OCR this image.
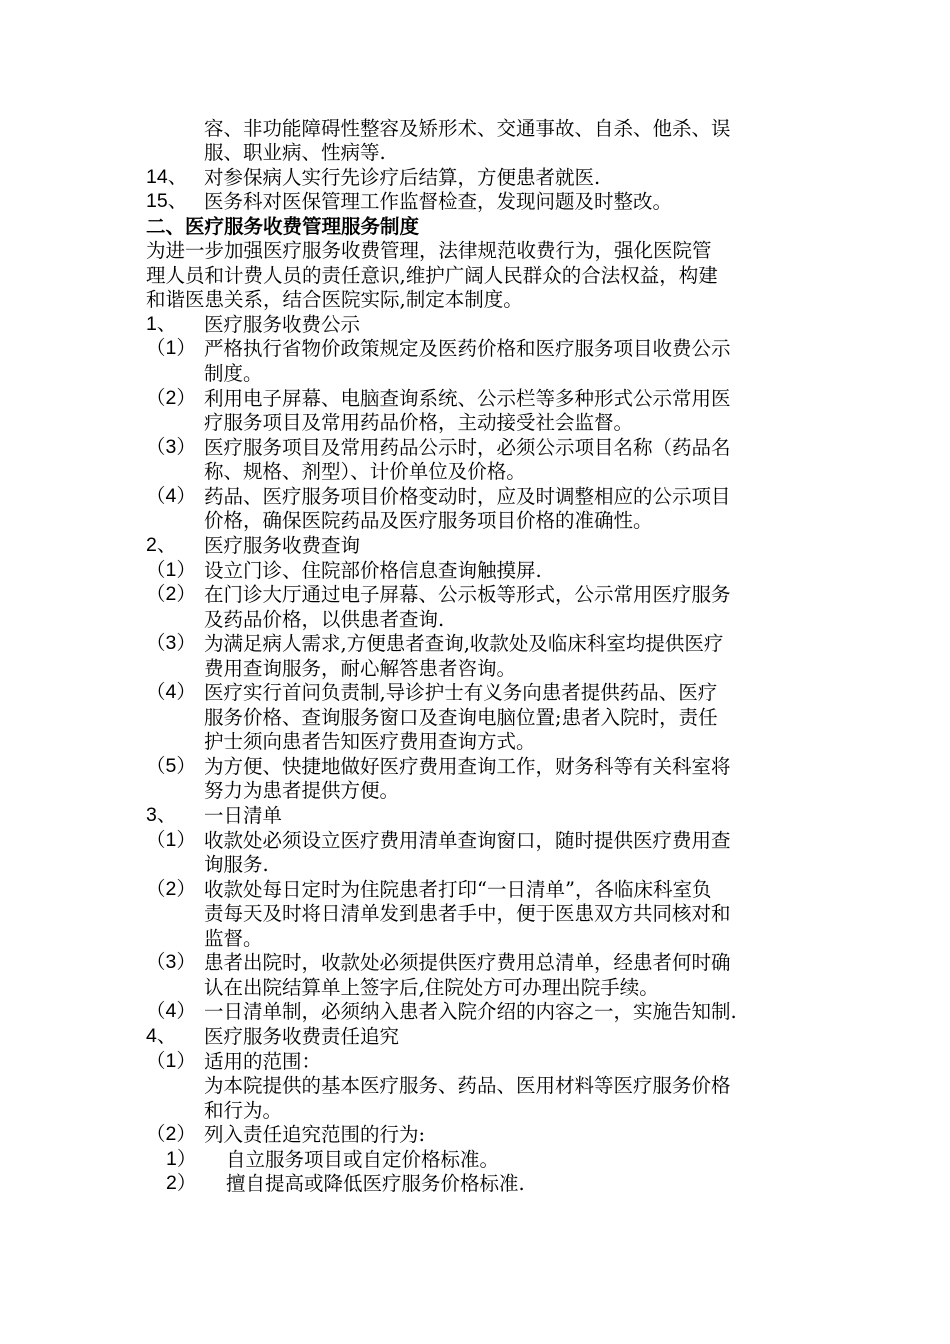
容、非功能障碍性整容及矫形术、交通事故、自杀、他杀、误
服、职业病、性病等.
14、 对参保病人实行先诊疗后结算，方便患者就医.
15、 医务科对医保管理工作监督检查，发现问题及时整改。
二、医疗服务收费管理服务制度
为进一步加强医疗服务收费管理，法律规范收费行为，强化医院管
理人员和计费人员的责任意识,维护广阔人民群众的合法权益，构建
和谐医患关系，结合医院实际,制定本制度。
1、 医疗服务收费公示
（1） 严格执行省物价政策规定及医药价格和医疗服务项目收费公示
制度。
（2） 利用电子屏幕、电脑查询系统、公示栏等多种形式公示常用医
疗服务项目及常用药品价格，主动接受社会监督。
（3） 医疗服务项目及常用药品公示时，必须公示项目名称（药品名
称、规格、剂型）、计价单位及价格。
（4） 药品、医疗服务项目价格变动时，应及时调整相应的公示项目
价格，确保医院药品及医疗服务项目价格的准确性。
2、 医疗服务收费查询
（1） 设立门诊、住院部价格信息查询触摸屏.
（2） 在门诊大厅通过电子屏幕、公示板等形式，公示常用医疗服务
及药品价格，以供患者查询.
（3） 为满足病人需求,方便患者查询,收款处及临床科室均提供医疗
费用查询服务，耐心解答患者咨询。
（4） 医疗实行首问负责制,导诊护士有义务向患者提供药品、医疗
服务价格、查询服务窗口及查询电脑位置;患者入院时，责任
护士须向患者告知医疗费用查询方式。
（5） 为方便、快捷地做好医疗费用查询工作，财务科等有关科室将
努力为患者提供方便。
3、 一日清单
（1） 收款处必须设立医疗费用清单查询窗口，随时提供医疗费用查
询服务.
（2） 收款处每日定时为住院患者打印“一日清单”，各临床科室负
责每天及时将日清单发到患者手中，便于医患双方共同核对和
监督。
（3） 患者出院时，收款处必须提供医疗费用总清单，经患者何时确
认在出院结算单上签字后,住院处方可办理出院手续。
（4） 一日清单制，必须纳入患者入院介绍的内容之一，实施告知制.
4、 医疗服务收费责任追究
（1） 适用的范围：
为本院提供的基本医疗服务、药品、医用材料等医疗服务价格
和行为。
（2） 列入责任追究范围的行为:
1） 自立服务项目或自定价格标准。
2） 擅自提高或降低医疗服务价格标准.
